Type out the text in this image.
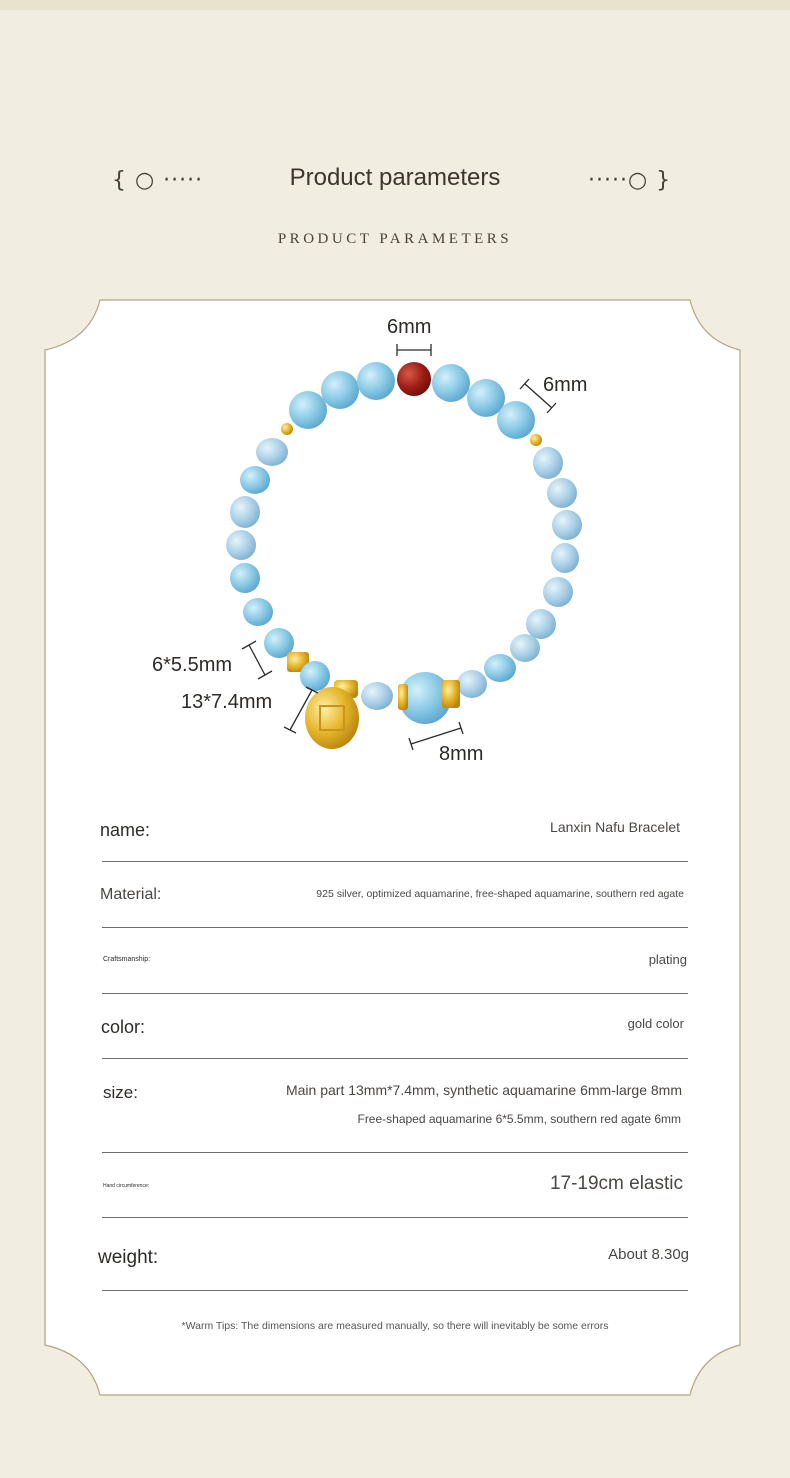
{ ○ ·····	Product parameters	·····○ }
PRODUCT PARAMETERS
6mm
6mm
6*5.5mm
13*7.4mm
8mm
name:	Lanxin Nafu Bracelet
Material:	925 silver, optimized aquamarine, free-shaped aquamarine, southern red agate
Craftsmanship:	plating
color:	gold color
size:	Main part 13mm*7.4mm, synthetic aquamarine 6mm-large 8mm
Free-shaped aquamarine 6*5.5mm, southern red agate 6mm
Hand circumference:	17-19cm elastic
weight:	About 8.30g
*Warm Tips: The dimensions are measured manually, so there will inevitably be some errors
